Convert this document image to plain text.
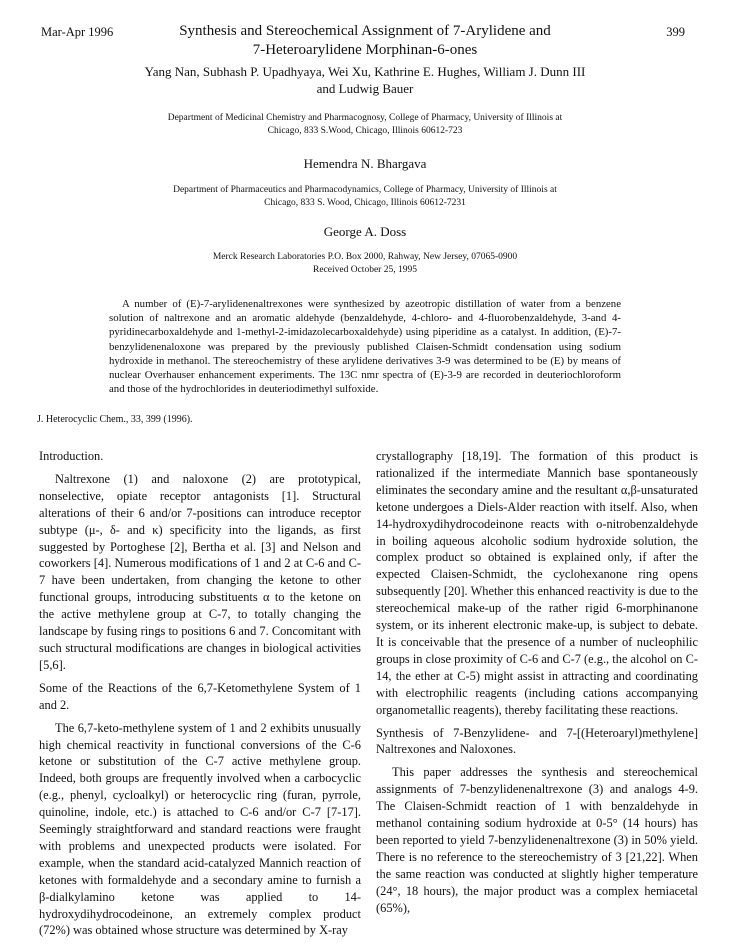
Mar-Apr 1996	399
Synthesis and Stereochemical Assignment of 7-Arylidene and
7-Heteroarylidene Morphinan-6-ones
Yang Nan, Subhash P. Upadhyaya, Wei Xu, Kathrine E. Hughes, William J. Dunn III
and Ludwig Bauer
Department of Medicinal Chemistry and Pharmacognosy, College of Pharmacy, University of Illinois at
Chicago, 833 S.Wood, Chicago, Illinois 60612-723
Hemendra N. Bhargava
Department of Pharmaceutics and Pharmacodynamics, College of Pharmacy, University of Illinois at
Chicago, 833 S. Wood, Chicago, Illinois 60612-7231
George A. Doss
Merck Research Laboratories P.O. Box 2000, Rahway, New Jersey, 07065-0900
Received October 25, 1995
A number of (E)-7-arylidenenaltrexones were synthesized by azeotropic distillation of water from a benzene solution of naltrexone and an aromatic aldehyde (benzaldehyde, 4-chloro- and 4-fluorobenzaldehyde, 3-and 4-pyridinecarboxaldehyde and 1-methyl-2-imidazolecarboxaldehyde) using piperidine as a catalyst. In addition, (E)-7-benzylidenenaloxone was prepared by the previously published Claisen-Schmidt condensation using sodium hydroxide in methanol. The stereochemistry of these arylidene derivatives 3-9 was determined to be (E) by means of nuclear Overhauser enhancement experiments. The 13C nmr spectra of (E)-3-9 are recorded in deuteriochloroform and those of the hydrochlorides in deuteriodimethyl sulfoxide.
J. Heterocyclic Chem., 33, 399 (1996).

Introduction.

Naltrexone (1) and naloxone (2) are prototypical, nonselective, opiate receptor antagonists [1]. Structural alterations of their 6 and/or 7-positions can introduce receptor subtype (μ-, δ- and κ) specificity into the ligands, as first suggested by Portoghese [2], Bertha et al. [3] and Nelson and coworkers [4]. Numerous modifications of 1 and 2 at C-6 and C-7 have been undertaken, from changing the ketone to other functional groups, introducing substituents α to the ketone on the active methylene group at C-7, to totally changing the landscape by fusing rings to positions 6 and 7. Concomitant with such structural modifications are changes in biological activities [5,6].

Some of the Reactions of the 6,7-Ketomethylene System of 1 and 2.

The 6,7-keto-methylene system of 1 and 2 exhibits unusually high chemical reactivity in functional conversions of the C-6 ketone or substitution of the C-7 active methylene group. Indeed, both groups are frequently involved when a carbocyclic (e.g., phenyl, cycloalkyl) or heterocyclic ring (furan, pyrrole, quinoline, indole, etc.) is attached to C-6 and/or C-7 [7-17]. Seemingly straightforward and standard reactions were fraught with problems and unexpected products were isolated. For example, when the standard acid-catalyzed Mannich reaction of ketones with formaldehyde and a secondary amine to furnish a β-dialkylamino ketone was applied to 14-hydroxydihydrocodeinone, an extremely complex product (72%) was obtained whose structure was determined by X-ray

crystallography [18,19]. The formation of this product is rationalized if the intermediate Mannich base spontaneously eliminates the secondary amine and the resultant α,β-unsaturated ketone undergoes a Diels-Alder reaction with itself. Also, when 14-hydroxydihydrocodeinone reacts with o-nitrobenzaldehyde in boiling aqueous alcoholic sodium hydroxide solution, the complex product so obtained is explained only, if after the expected Claisen-Schmidt, the cyclohexanone ring opens subsequently [20]. Whether this enhanced reactivity is due to the stereochemical make-up of the rather rigid 6-morphinanone system, or its inherent electronic make-up, is subject to debate. It is conceivable that the presence of a number of nucleophilic groups in close proximity of C-6 and C-7 (e.g., the alcohol on C-14, the ether at C-5) might assist in attracting and coordinating with electrophilic reagents (including cations accompanying organometallic reagents), thereby facilitating these reactions.

Synthesis of 7-Benzylidene- and 7-[(Heteroaryl)methylene] Naltrexones and Naloxones.

This paper addresses the synthesis and stereochemical assignments of 7-benzylidenenaltrexone (3) and analogs 4-9. The Claisen-Schmidt reaction of 1 with benzaldehyde in methanol containing sodium hydroxide at 0-5° (14 hours) has been reported to yield 7-benzylidenenaltrexone (3) in 50% yield. There is no reference to the stereochemistry of 3 [21,22]. When the same reaction was conducted at slightly higher temperature (24°, 18 hours), the major product was a complex hemiacetal (65%),
